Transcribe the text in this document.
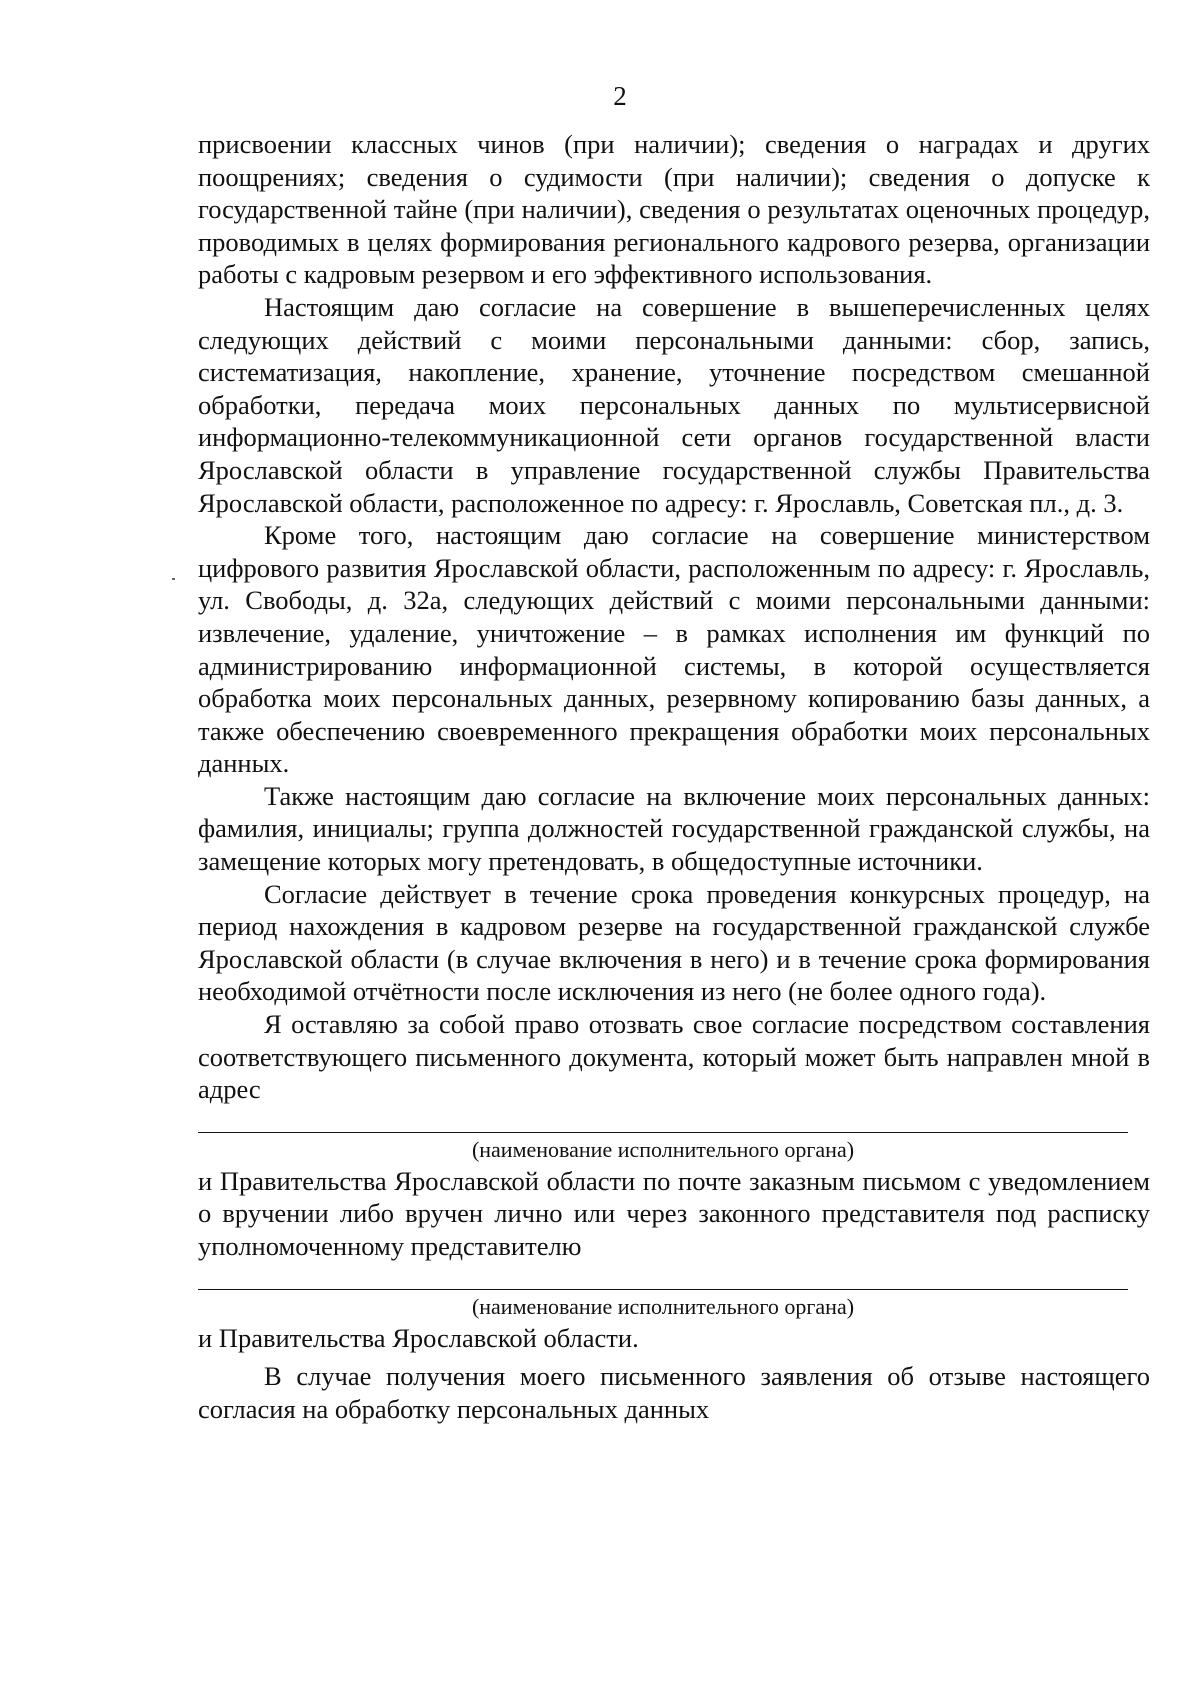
2

присвоении классных чинов (при наличии); сведения о наградах и других поощрениях; сведения о судимости (при наличии); сведения о допуске к государственной тайне (при наличии), сведения о результатах оценочных процедур, проводимых в целях формирования регионального кадрового резерва, организации работы с кадровым резервом и его эффективного использования.

Настоящим даю согласие на совершение в вышеперечисленных целях следующих действий с моими персональными данными: сбор, запись, систематизация, накопление, хранение, уточнение посредством смешанной обработки, передача моих персональных данных по мультисервисной информационно-телекоммуникационной сети органов государственной власти Ярославской области в управление государственной службы Правительства Ярославской области, расположенное по адресу: г. Ярославль, Советская пл., д. 3.

Кроме того, настоящим даю согласие на совершение министерством цифрового развития Ярославской области, расположенным по адресу: г. Ярославль, ул. Свободы, д. 32а, следующих действий с моими персональными данными: извлечение, удаление, уничтожение – в рамках исполнения им функций по администрированию информационной системы, в которой осуществляется обработка моих персональных данных, резервному копированию базы данных, а также обеспечению своевременного прекращения обработки моих персональных данных.

Также настоящим даю согласие на включение моих персональных данных: фамилия, инициалы; группа должностей государственной гражданской службы, на замещение которых могу претендовать, в общедоступные источники.

Согласие действует в течение срока проведения конкурсных процедур, на период нахождения в кадровом резерве на государственной гражданской службе Ярославской области (в случае включения в него) и в течение срока формирования необходимой отчётности после исключения из него (не более одного года).

Я оставляю за собой право отозвать свое согласие посредством составления соответствующего письменного документа, который может быть направлен мной в адрес

(наименование исполнительного органа)

и Правительства Ярославской области по почте заказным письмом с уведомлением о вручении либо вручен лично или через законного представителя под расписку уполномоченному представителю

(наименование исполнительного органа)

и Правительства Ярославской области.

В случае получения моего письменного заявления об отзыве настоящего согласия на обработку персональных данных
